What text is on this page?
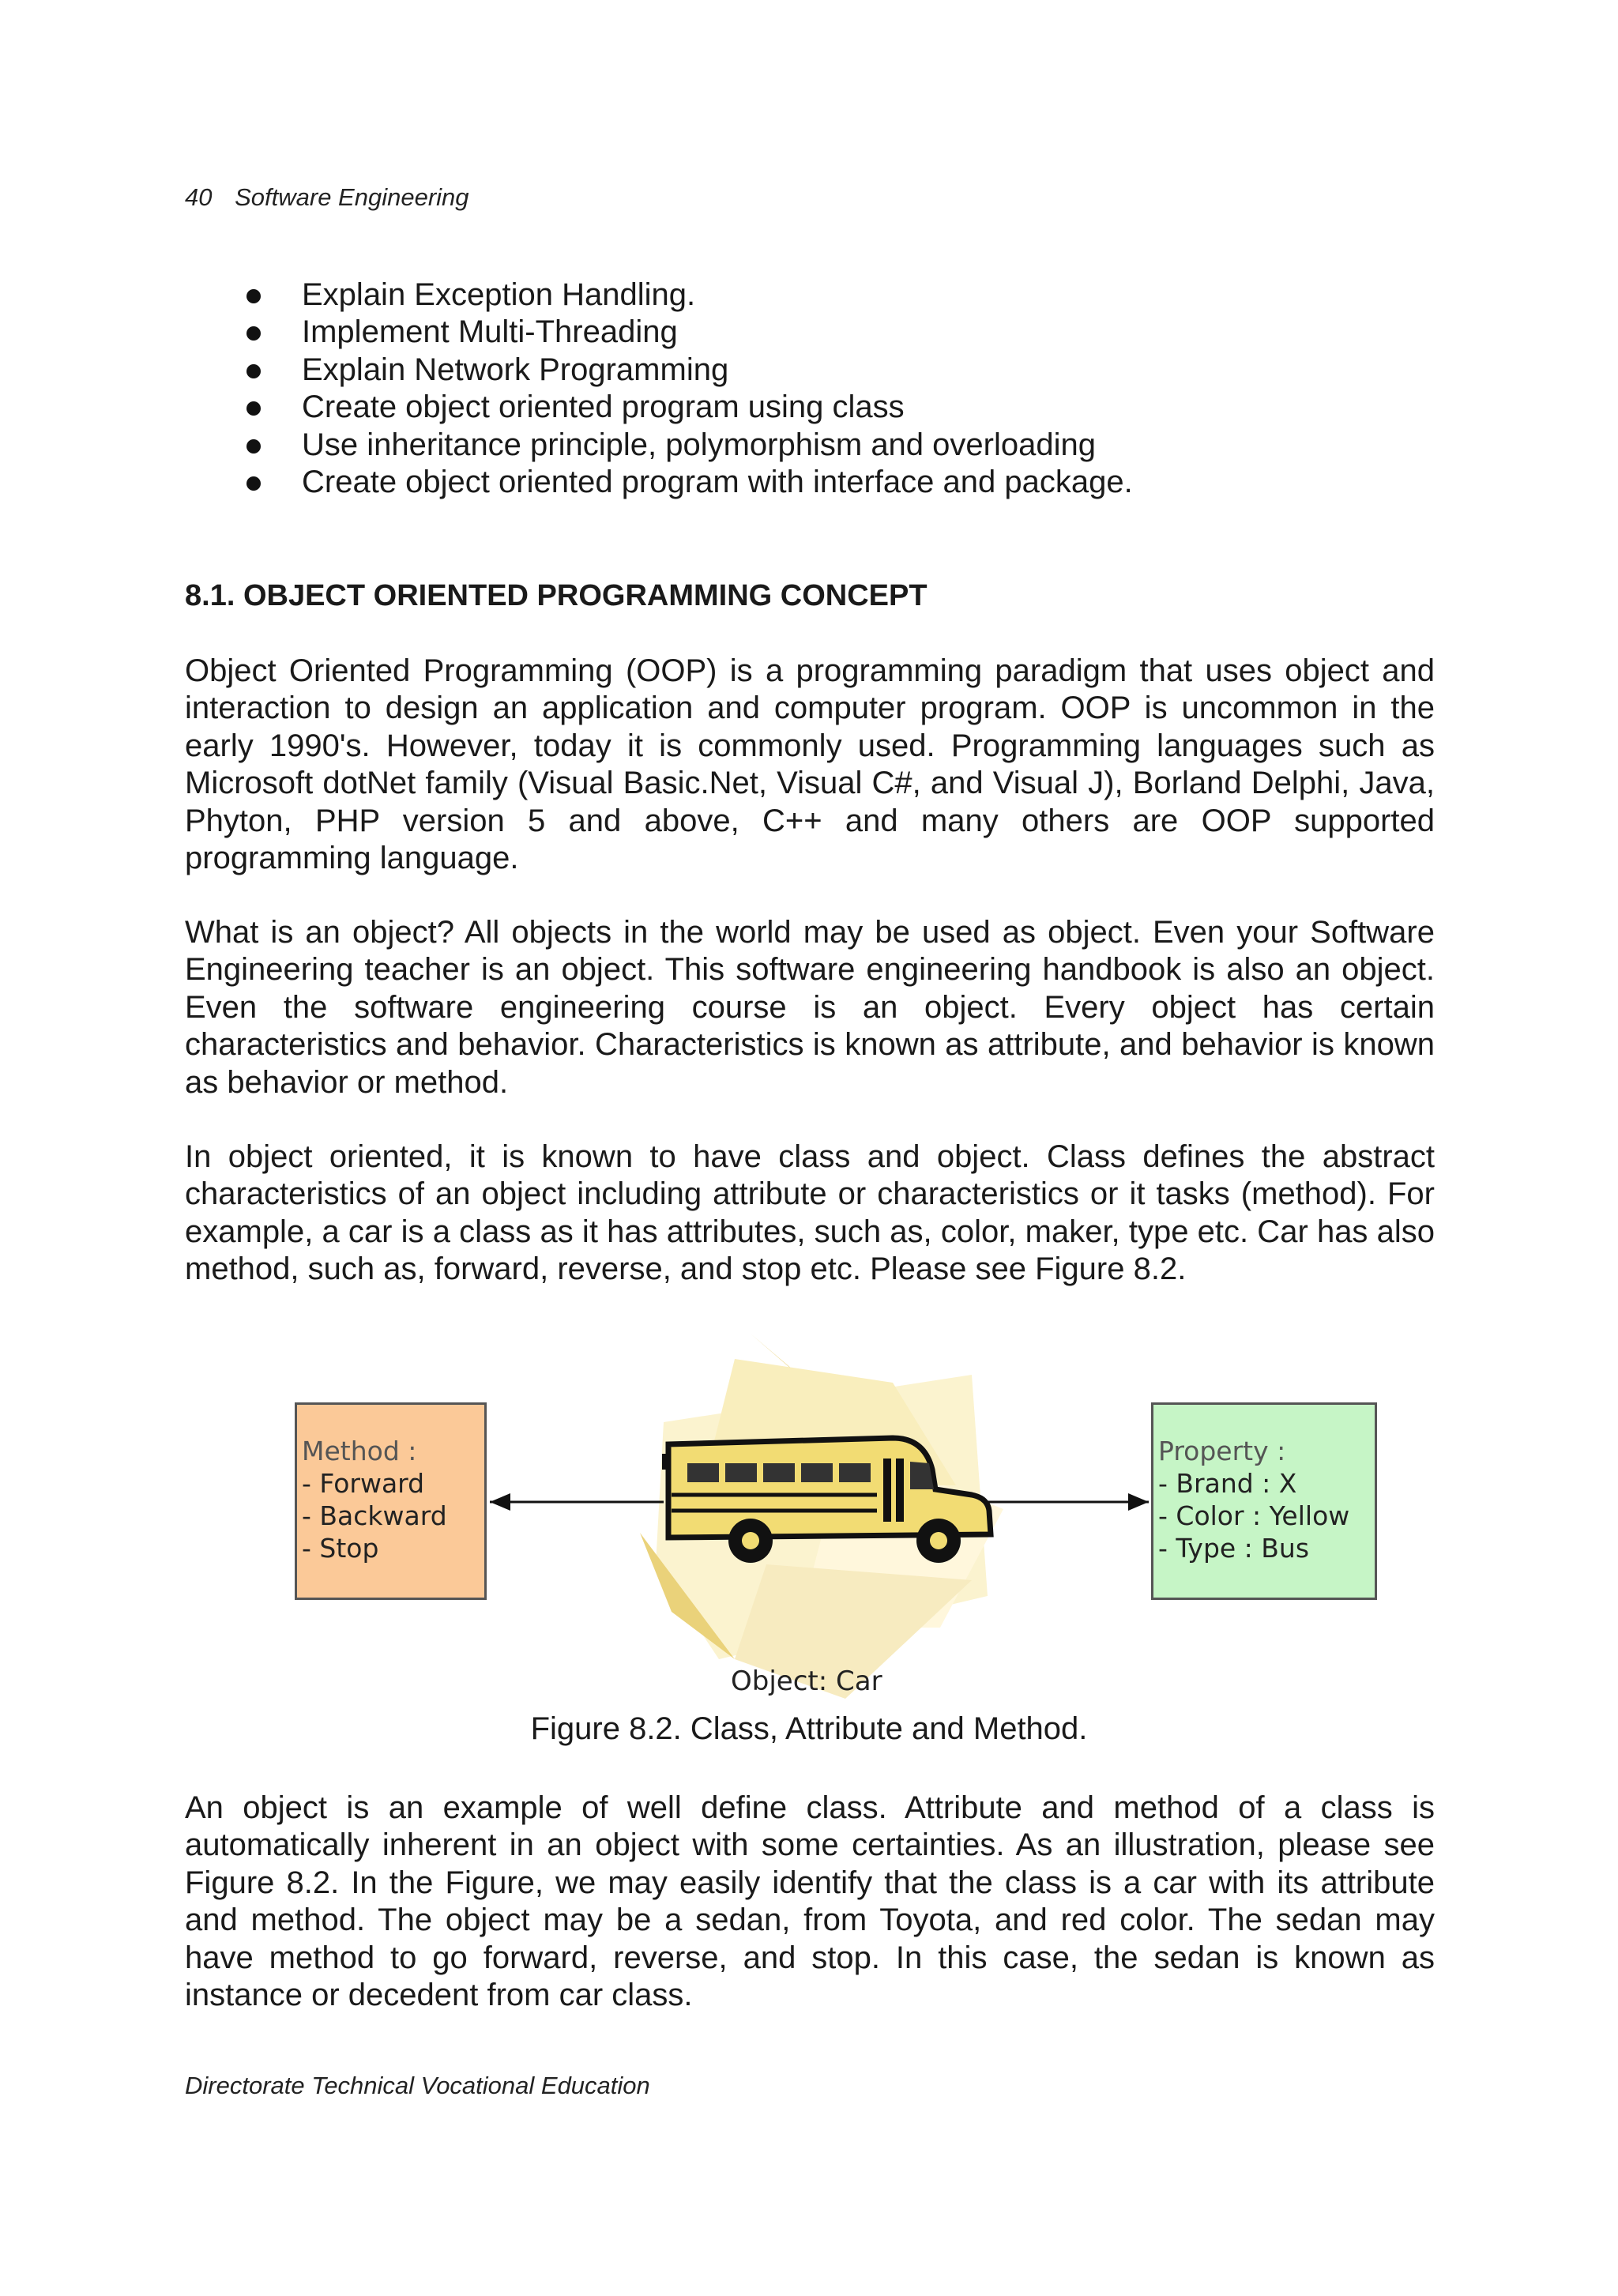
40 Software Engineering
Explain Exception Handling.
Implement Multi-Threading
Explain Network Programming
Create object oriented program using class
Use inheritance principle, polymorphism and overloading
Create object oriented program with interface and package.
8.1. OBJECT ORIENTED PROGRAMMING CONCEPT

Object Oriented Programming (OOP) is a programming paradigm that uses object and interaction to design an application and computer program. OOP is uncommon in the early 1990's. However, today it is commonly used. Programming languages such as Microsoft dotNet family (Visual Basic.Net, Visual C#, and Visual J), Borland Delphi, Java, Phyton, PHP version 5 and above, C++ and many others are OOP supported programming language.

What is an object? All objects in the world may be used as object. Even your Software Engineering teacher is an object. This software engineering handbook is also an object. Even the software engineering course is an object. Every object has certain characteristics and behavior. Characteristics is known as attribute, and behavior is known as behavior or method.

In object oriented, it is known to have class and object. Class defines the abstract characteristics of an object including attribute or characteristics or it tasks (method). For example, a car is a class as it has attributes, such as, color, maker, type etc. Car has also method, such as, forward, reverse, and stop etc. Please see Figure 8.2.

Method :
- Forward
- Backward
- Stop
Property :
- Brand : X
- Color : Yellow
- Type : Bus
Object: Car
Figure 8.2. Class, Attribute and Method.

An object is an example of well define class. Attribute and method of a class is automatically inherent in an object with some certainties. As an illustration, please see Figure 8.2. In the Figure, we may easily identify that the class is a car with its attribute and method. The object may be a sedan, from Toyota, and red color. The sedan may have method to go forward, reverse, and stop. In this case, the sedan is known as instance or decedent from car class.

Directorate Technical Vocational Education
